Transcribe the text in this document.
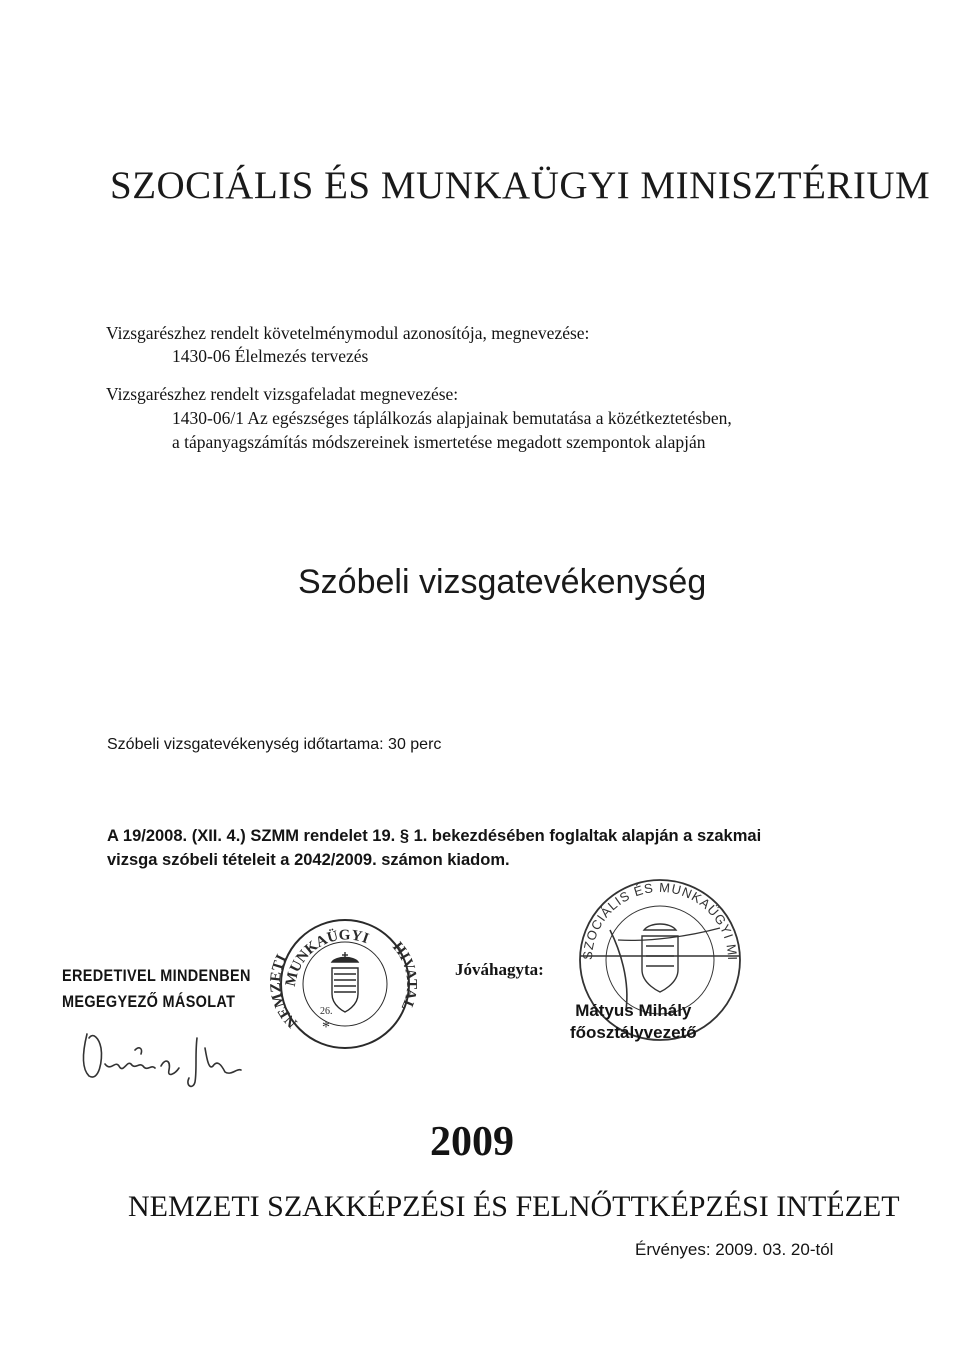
SZOCIÁLIS ÉS MUNKAÜGYI MINISZTÉRIUM
Vizsgarészhez rendelt követelménymodul azonosítója, megnevezése:
1430-06 Élelmezés tervezés
Vizsgarészhez rendelt vizsgafeladat megnevezése:
1430-06/1 Az egészséges táplálkozás alapjainak bemutatása a közétkeztetésben,
a tápanyagszámítás módszereinek ismertetése megadott szempontok alapján
Szóbeli vizsgatevékenység
Szóbeli vizsgatevékenység időtartama: 30 perc
A 19/2008. (XII. 4.) SZMM rendelet 19. § 1. bekezdésében foglaltak alapján a szakmai
vizsga szóbeli tételeit a 2042/2009. számon kiadom.
EREDETIVEL MINDENBEN
MEGEGYEZŐ MÁSOLAT
MUNKAÜGYI
NEMZETI	HIVATAL
26.
*
Jóváhagyta:
SZOCIÁLIS ÉS MUNKAÜGYI MINISZTÉRIUM
Mátyus Mihály
főosztályvezető
2009
NEMZETI SZAKKÉPZÉSI ÉS FELNŐTTKÉPZÉSI INTÉZET
Érvényes: 2009. 03. 20-tól
